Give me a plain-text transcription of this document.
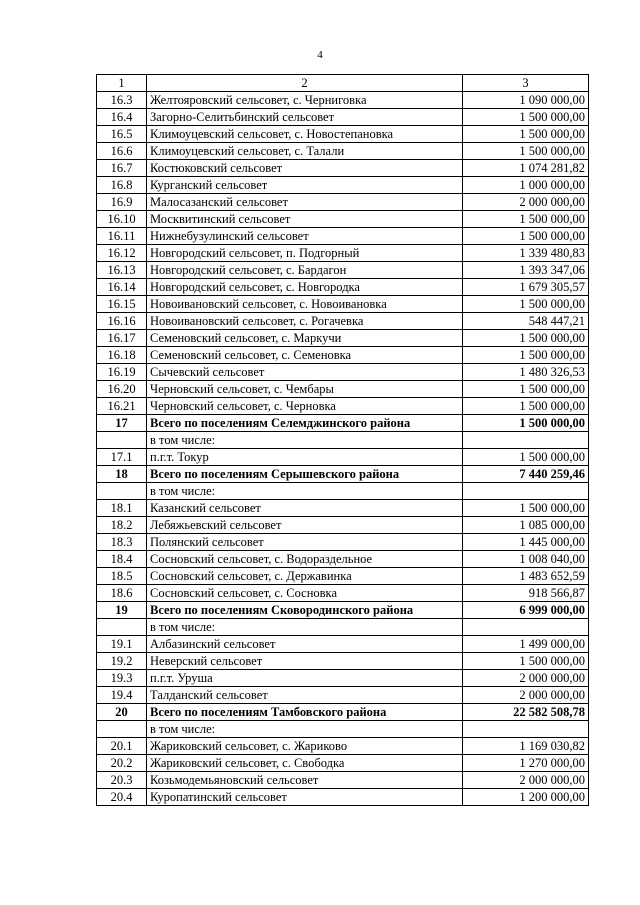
4
1	2	3
16.3	Желтояровский сельсовет, с. Черниговка	1 090 000,00
16.4	Загорно-Селитьбинский сельсовет	1 500 000,00
16.5	Климоуцевский сельсовет, с. Новостепановка	1 500 000,00
16.6	Климоуцевский сельсовет, с. Талали	1 500 000,00
16.7	Костюковский сельсовет	1 074 281,82
16.8	Курганский сельсовет	1 000 000,00
16.9	Малосазанский сельсовет	2 000 000,00
16.10	Москвитинский сельсовет	1 500 000,00
16.11	Нижнебузулинский сельсовет	1 500 000,00
16.12	Новгородский сельсовет, п. Подгорный	1 339 480,83
16.13	Новгородский сельсовет, с. Бардагон	1 393 347,06
16.14	Новгородский сельсовет, с. Новгородка	1 679 305,57
16.15	Новоивановский сельсовет, с. Новоивановка	1 500 000,00
16.16	Новоивановский сельсовет, с. Рогачевка	548 447,21
16.17	Семеновский сельсовет, с. Маркучи	1 500 000,00
16.18	Семеновский сельсовет, с. Семеновка	1 500 000,00
16.19	Сычевский сельсовет	1 480 326,53
16.20	Черновский сельсовет, с. Чембары	1 500 000,00
16.21	Черновский сельсовет, с. Черновка	1 500 000,00
17	Всего по поселениям Селемджинского района	1 500 000,00
	в том числе:	
17.1	п.г.т. Токур	1 500 000,00
18	Всего по поселениям Серышевского района	7 440 259,46
	в том числе:	
18.1	Казанский сельсовет	1 500 000,00
18.2	Лебяжьевский сельсовет	1 085 000,00
18.3	Полянский сельсовет	1 445 000,00
18.4	Сосновский сельсовет, с. Водораздельное	1 008 040,00
18.5	Сосновский сельсовет, с. Державинка	1 483 652,59
18.6	Сосновский сельсовет, с. Сосновка	918 566,87
19	Всего по поселениям Сковородинского района	6 999 000,00
	в том числе:	
19.1	Албазинский сельсовет	1 499 000,00
19.2	Неверский сельсовет	1 500 000,00
19.3	п.г.т. Уруша	2 000 000,00
19.4	Талданский сельсовет	2 000 000,00
20	Всего по поселениям Тамбовского района	22 582 508,78
	в том числе:	
20.1	Жариковский сельсовет, с. Жариково	1 169 030,82
20.2	Жариковский сельсовет, с. Свободка	1 270 000,00
20.3	Козьмодемьяновский сельсовет	2 000 000,00
20.4	Куропатинский сельсовет	1 200 000,00
